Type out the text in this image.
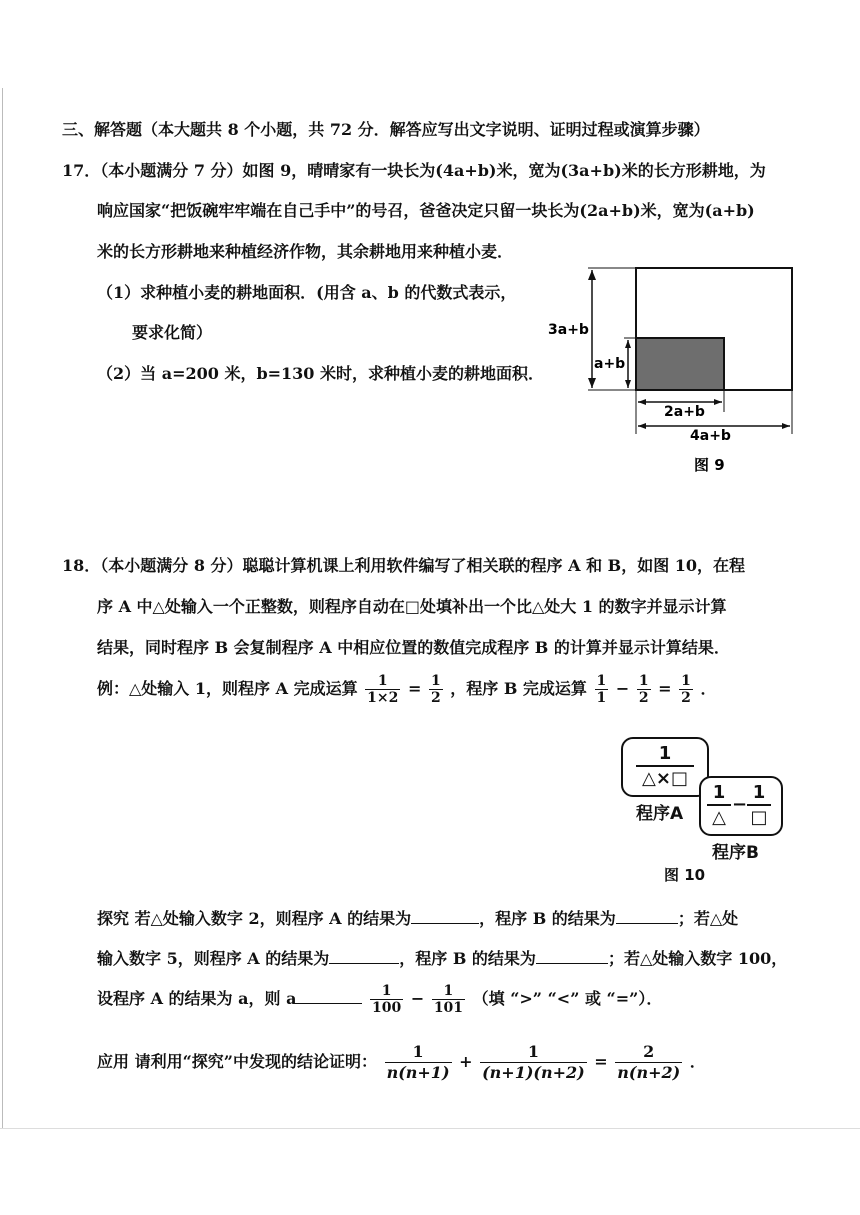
三、解答题（本大题共 8 个小题，共 72 分．解答应写出文字说明、证明过程或演算步骤）
17．（本小题满分 7 分）如图 9，晴晴家有一块长为(4a+b)米，宽为(3a+b)米的长方形耕地，为
响应国家“把饭碗牢牢端在自己手中”的号召，爸爸决定只留一块长为(2a+b)米，宽为(a+b)
米的长方形耕地来种植经济作物，其余耕地用来种植小麦．
（1）求种植小麦的耕地面积．(用含 a、b 的代数式表示，
要求化简）
（2）当 a=200 米，b=130 米时，求种植小麦的耕地面积．
3a+b
a+b
2a+b
4a+b
图 9
18．（本小题满分 8 分）聪聪计算机课上利用软件编写了相关联的程序 A 和 B，如图 10，在程
序 A 中△处输入一个正整数，则程序自动在□处填补出一个比△处大 1 的数字并显示计算
结果，同时程序 B 会复制程序 A 中相应位置的数值完成程序 B 的计算并显示计算结果．
例：△处输入 1，则程序 A 完成运算 $\frac{1}{1\times 2} = \frac{1}{2}$ ，程序 B 完成运算 $\frac{1}{1} - \frac{1}{2} = \frac{1}{2}$ ．
1
△×□
1
△
−
1
□
程序A
程序B
图 10
探究 若△处输入数字 2，则程序 A 的结果为	，程序 B 的结果为	；若△处
输入数字 5，则程序 A 的结果为	，程序 B 的结果为	；若△处输入数字 100，
设程序 A 的结果为 a，则 a	$\frac{1}{100} - \frac{1}{101}$ （填 “>” “<” 或 “=”）．
应用 请利用“探究”中发现的结论证明： $\frac{1}{n(n+1)} + \frac{1}{(n+1)(n+2)} = \frac{2}{n(n+2)}$ ．
